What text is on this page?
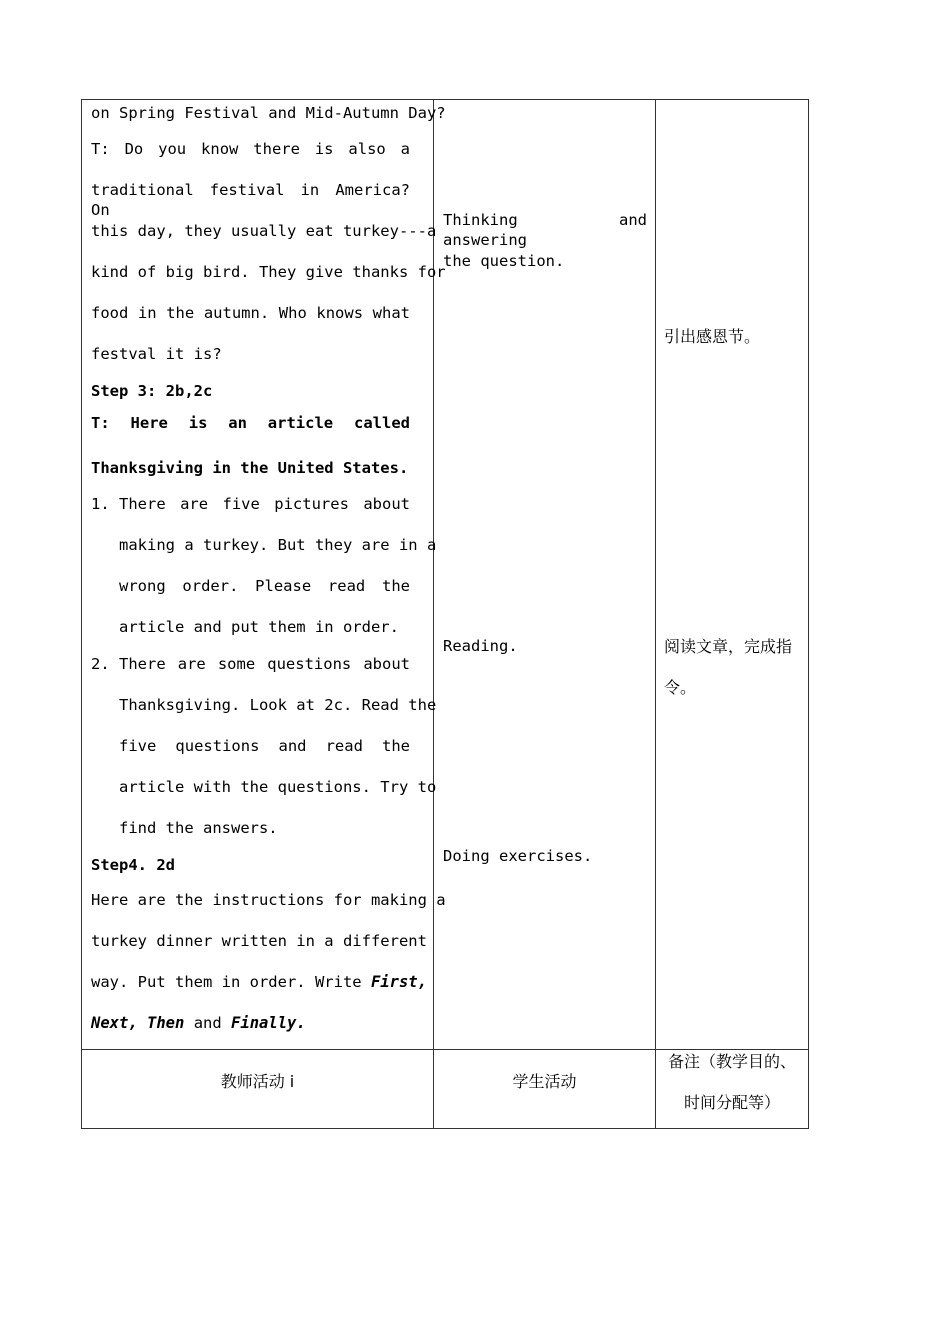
on Spring Festival and Mid-Autumn Day?
T: Do you know there is also a
traditional festival in America? On
this day, they usually eat turkey---a
kind of big bird. They give thanks for
food in the autumn. Who knows what
festval it is?
Step 3: 2b,2c
T: Here is an article called
Thanksgiving in the United States.
1. There are five pictures about
making a turkey. But they are in a
wrong order. Please read the
article and put them in order.
2. There are some questions about
Thanksgiving. Look at 2c. Read the
five questions and read the
article with the questions. Try to
find the answers.
Step4. 2d
Here are the instructions for making a
turkey dinner written in a different
way. Put them in order. Write First,
Next, Then and Finally.
Thinking and answering
the question.
Reading.
Doing exercises.
引出感恩节。
阅读文章，完成指
令。
教师活动 i	学生活动
备注（教学目的、
时间分配等）
